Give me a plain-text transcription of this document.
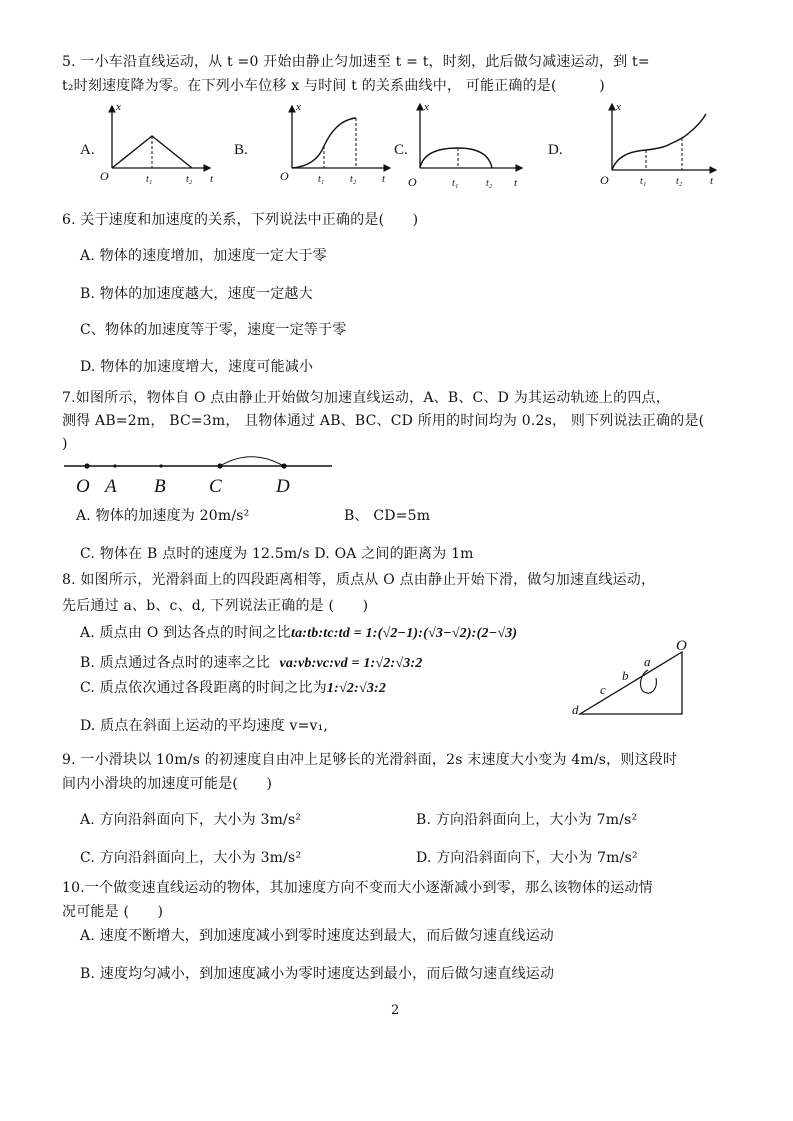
5. 一小车沿直线运动，从 t =0 开始由静止匀加速至 t = t，时刻，此后做匀减速运动，到 t=
t₂时刻速度降为零。在下列小车位移 x 与时间 t 的关系曲线中， 可能正确的是(　　　)
A.
x
O	t₁	t₂ t
B.
x
O	t₁	t₂ t
C.
x
O	t₁	t₂ t
D.
x
O	t₁	t₂	t
6. 关于速度和加速度的关系，下列说法中正确的是(　　)
A. 物体的速度增加，加速度一定大于零
B. 物体的加速度越大，速度一定越大
C、物体的加速度等于零，速度一定等于零
D. 物体的加速度增大，速度可能减小
7.如图所示，物体自 O 点由静止开始做匀加速直线运动，A、B、C、D 为其运动轨迹上的四点，
测得 AB=2m， BC=3m， 且物体通过 AB、BC、CD 所用的时间均为 0.2s， 则下列说法正确的是(
)
O A B C	D
A. 物体的加速度为 20m/s²	B、 CD=5m
C. 物体在 B 点时的速度为 12.5m/s D. OA 之间的距离为 1m
8. 如图所示，光滑斜面上的四段距离相等，质点从 O 点由静止开始下滑，做匀加速直线运动，
先后通过 a、b、c、d, 下列说法正确的是 (　　)
A. 质点由 O 到达各点的时间之比ta:tb:tc:td = 1:(√2−1):(√3−√2):(2−√3)
B. 质点通过各点时的速率之比 va:vb:vc:vd = 1:√2:√3:2
C. 质点依次通过各段距离的时间之比为1:√2:√3:2
D. 质点在斜面上运动的平均速度 v=v₁,
O
a
b
c
d
9. 一小滑块以 10m/s 的初速度自由冲上足够长的光滑斜面，2s 末速度大小变为 4m/s，则这段时
间内小滑块的加速度可能是(　　)
A. 方向沿斜面向下，大小为 3m/s²	B. 方向沿斜面向上，大小为 7m/s²
C. 方向沿斜面向上，大小为 3m/s²	D. 方向沿斜面向下，大小为 7m/s²
10.一个做变速直线运动的物体，其加速度方向不变而大小逐渐减小到零，那么该物体的运动情
况可能是 (　　)
A. 速度不断增大，到加速度减小到零时速度达到最大，而后做匀速直线运动
B. 速度均匀减小，到加速度减小为零时速度达到最小，而后做匀速直线运动
2
